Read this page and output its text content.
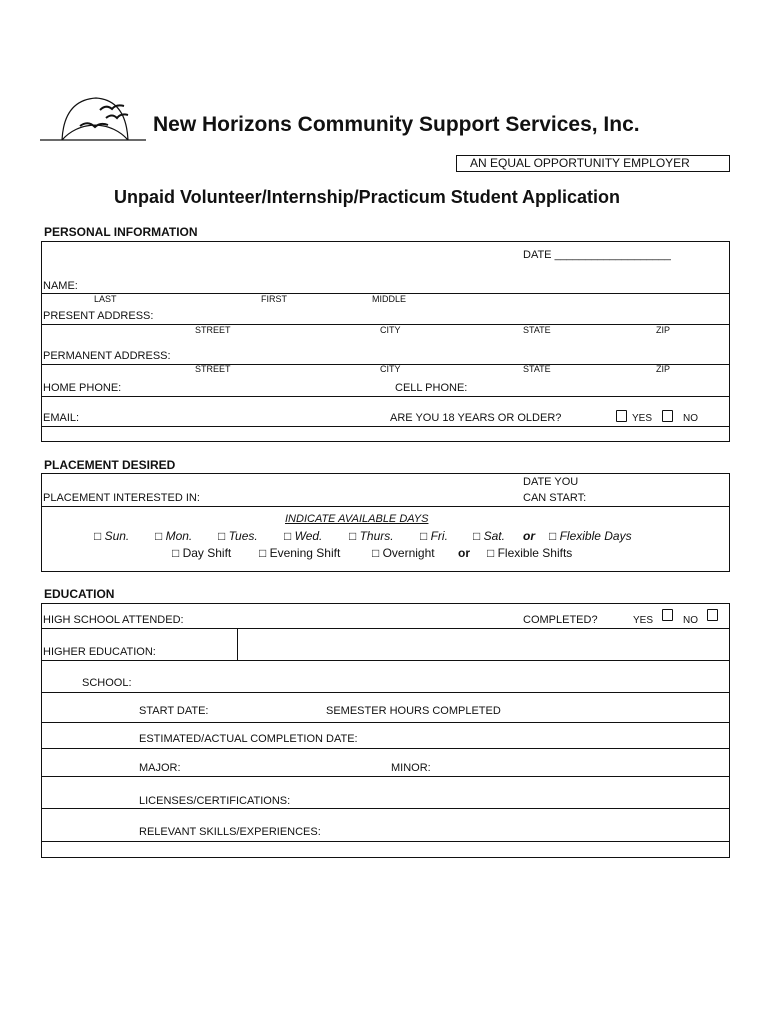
New Horizons Community Support Services, Inc.
AN EQUAL OPPORTUNITY EMPLOYER
Unpaid Volunteer/Internship/Practicum Student Application
PERSONAL INFORMATION
DATE ___________________
NAME:
LAST	FIRST	MIDDLE
PRESENT ADDRESS:
STREET	CITY	STATE	ZIP
PERMANENT ADDRESS:
STREET	CITY	STATE	ZIP
HOME PHONE:	CELL PHONE:
EMAIL:	ARE YOU 18 YEARS OR OLDER?	YES	NO
PLACEMENT DESIRED
PLACEMENT INTERESTED IN:
DATE YOU
CAN START:
INDICATE AVAILABLE DAYS
□ Sun. □ Mon. □ Tues. □ Wed. □ Thurs. □ Fri. □ Sat. or □ Flexible Days
□ Day Shift □ Evening Shift	□ Overnight or □ Flexible Shifts
EDUCATION
HIGH SCHOOL ATTENDED:	COMPLETED?	YES	NO
HIGHER EDUCATION:
SCHOOL:
START DATE:	SEMESTER HOURS COMPLETED
ESTIMATED/ACTUAL COMPLETION DATE:
MAJOR:	MINOR:
LICENSES/CERTIFICATIONS:
RELEVANT SKILLS/EXPERIENCES:
